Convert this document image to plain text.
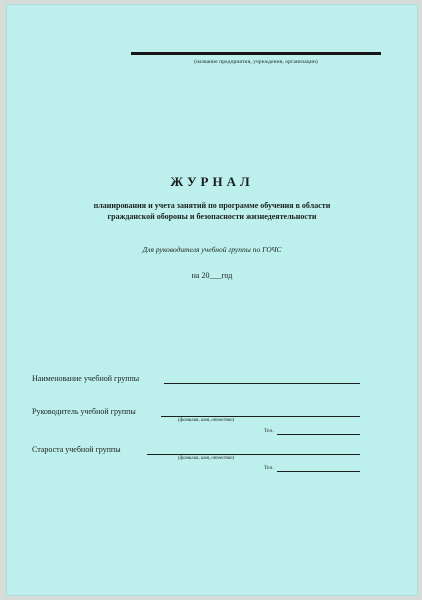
(название предприятия, учреждения, организации)
ЖУРНАЛ
планирования и учета занятий по программе обучения в области
гражданской обороны и безопасности жизнедеятельности
Для руководителя учебной группы по ГОЧС
на 20___год
Наименование учебной группы
Руководитель учебной группы
(фамилия, имя, отчество)
Тел.
Староста учебной группы
(фамилия, имя, отчество)
Тел.
